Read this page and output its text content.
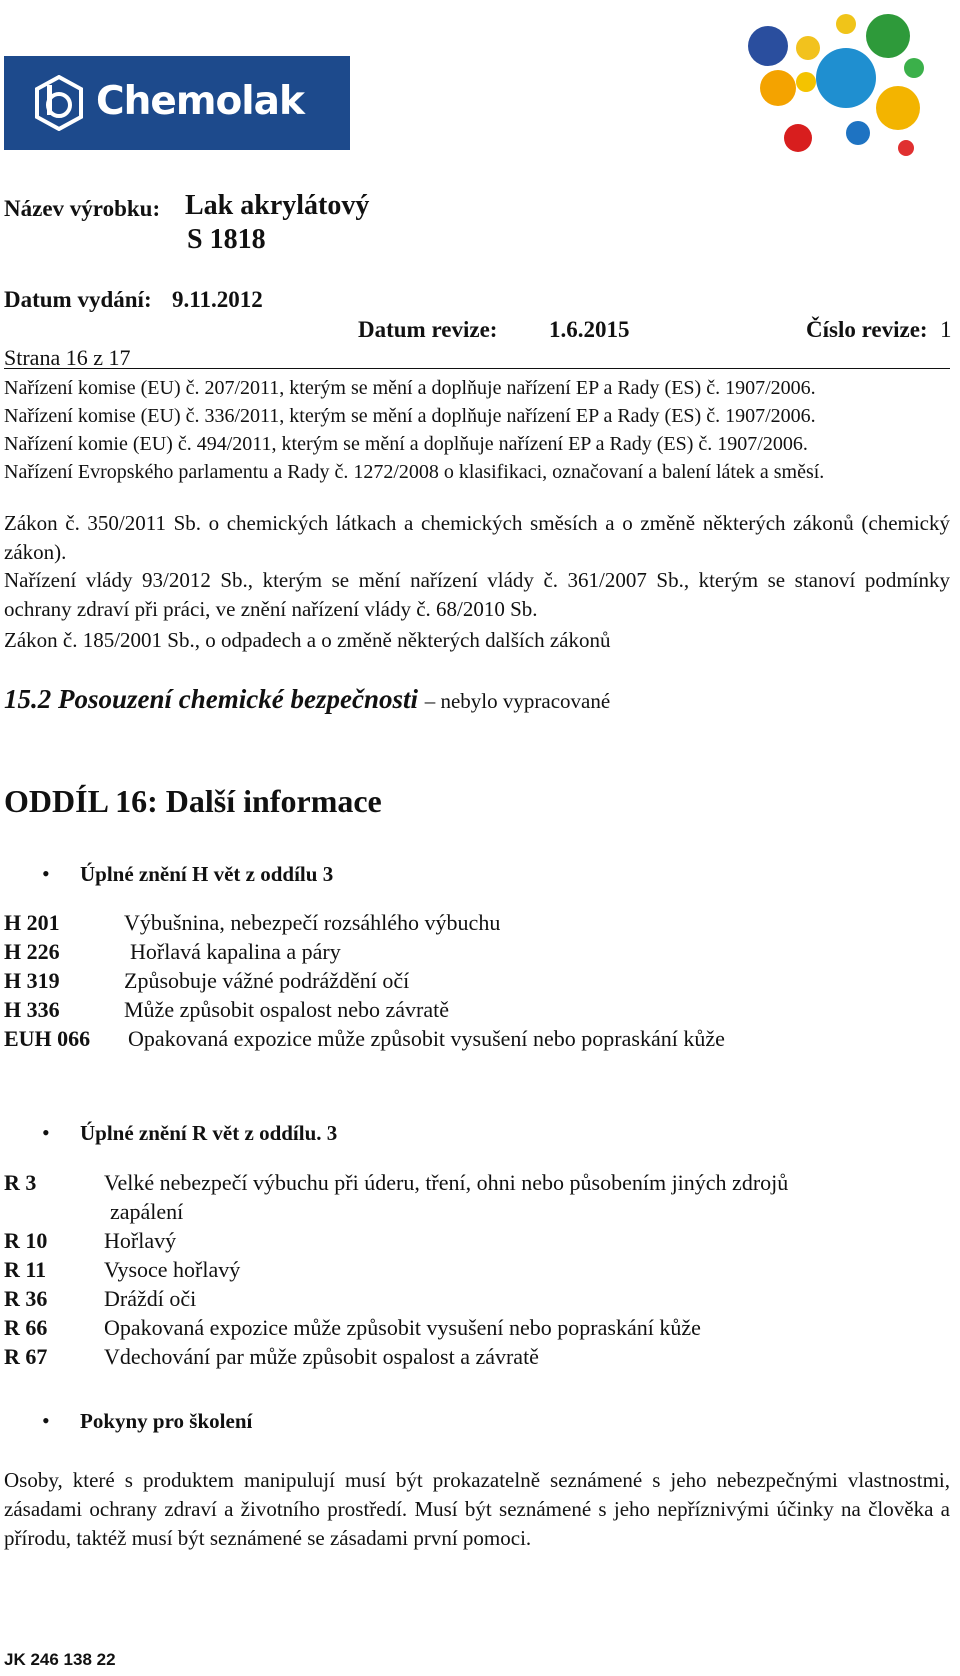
Chemolak
Název výrobku: Lak akrylátový
S 1818
Datum vydání: 9.11.2012
Datum revize: 1.6.2015	Číslo revize: 1
Strana 16 z 17
Nařízení komise (EU) č. 207/2011, kterým se mění a doplňuje nařízení EP a Rady (ES) č. 1907/2006.
Nařízení komise (EU) č. 336/2011, kterým se mění a doplňuje nařízení EP a Rady (ES) č. 1907/2006.
Nařízení komie (EU) č. 494/2011, kterým se mění a doplňuje nařízení EP a Rady (ES) č. 1907/2006.
Nařízení Evropského parlamentu a Rady č. 1272/2008 o klasifikaci, označovaní a balení látek a směsí.
Zákon č. 350/2011 Sb. o chemických látkach a chemických směsích a o změně některých zákonů (chemický zákon).
Nařízení vlády 93/2012 Sb., kterým se mění nařízení vlády č. 361/2007 Sb., kterým se stanoví podmínky ochrany zdraví při práci, ve znění nařízení vlády č. 68/2010 Sb.
Zákon č. 185/2001 Sb., o odpadech a o změně některých dalších zákonů
15.2 Posouzení chemické bezpečnosti – nebylo vypracované
ODDÍL 16: Další informace
• Úplné znění H vět z oddílu 3
H 201	Výbušnina, nebezpečí rozsáhlého výbuchu
H 226	Hořlavá kapalina a páry
H 319	Způsobuje vážné podráždění očí
H 336	Může způsobit ospalost nebo závratě
EUH 066 Opakovaná expozice může způsobit vysušení nebo popraskání kůže
• Úplné znění R vět z oddílu. 3
R 3	Velké nebezpečí výbuchu při úderu, tření, ohni nebo působením jiných zdrojů
zapálení
R 10	Hořlavý
R 11	Vysoce hořlavý
R 36	Dráždí oči
R 66	Opakovaná expozice může způsobit vysušení nebo popraskání kůže
R 67	Vdechování par může způsobit ospalost a závratě
• Pokyny pro školení
Osoby, které s produktem manipulují musí být prokazatelně seznámené s jeho nebezpečnými vlastnostmi, zásadami ochrany zdraví a životního prostředí. Musí být seznámené s jeho nepříznivými účinky na člověka a přírodu, taktéž musí být seznámené se zásadami první pomoci.
JK 246 138 22
